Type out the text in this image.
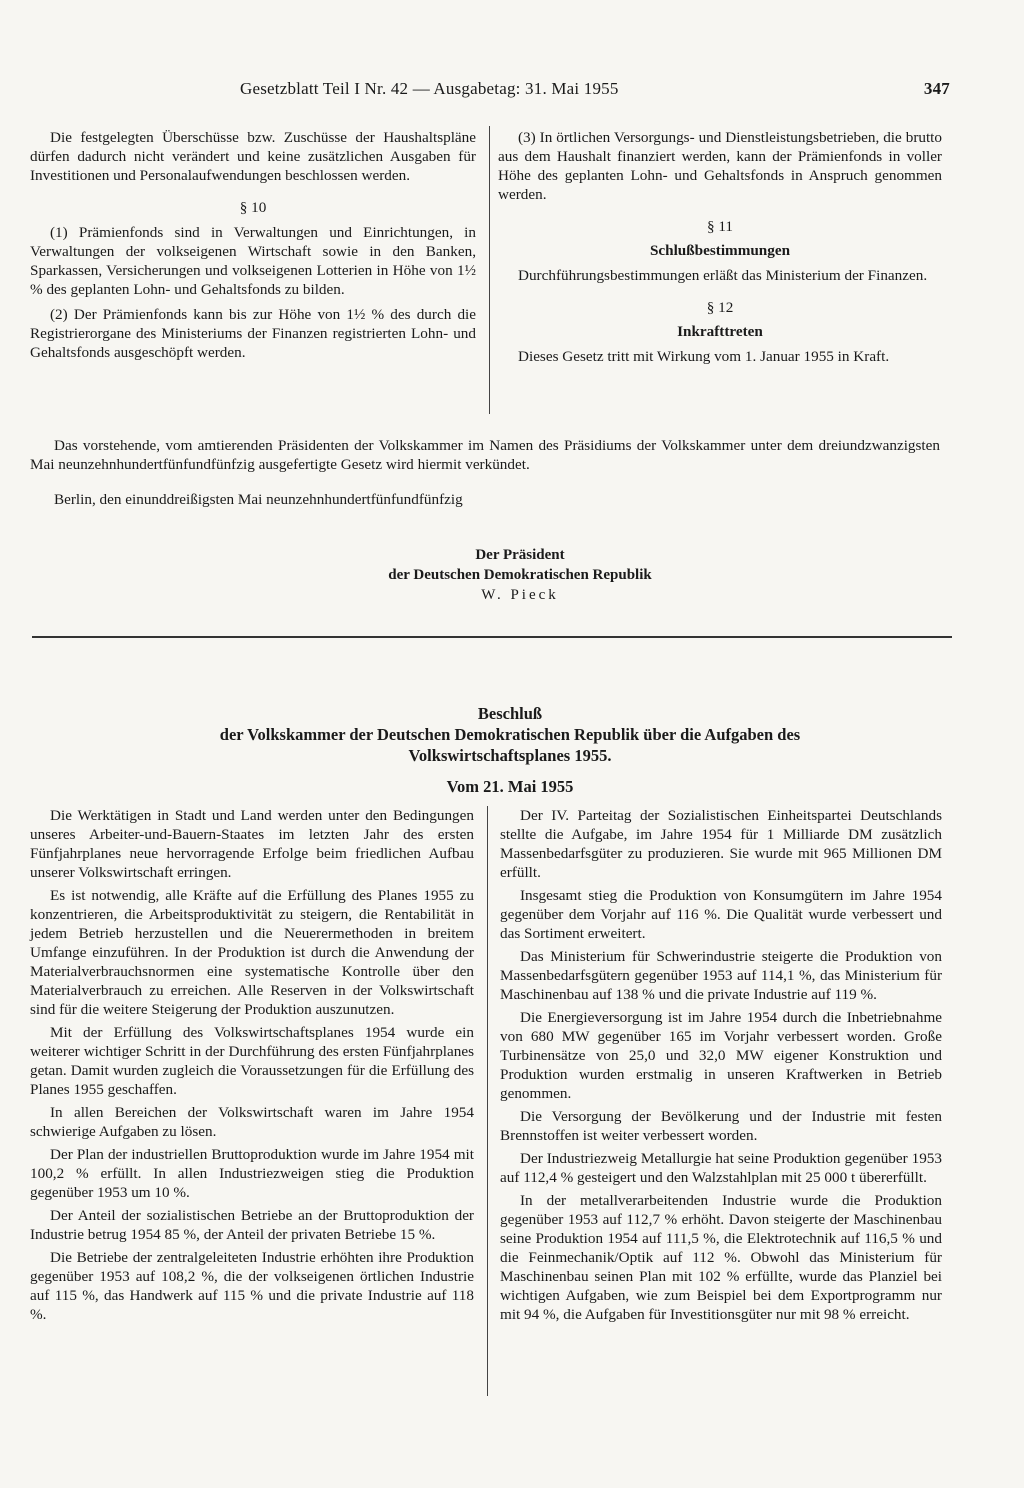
Gesetzblatt Teil I Nr. 42 — Ausgabetag: 31. Mai 1955	347

Die festgelegten Überschüsse bzw. Zuschüsse der Haushaltspläne dürfen dadurch nicht verändert und keine zusätzlichen Ausgaben für Investitionen und Personalaufwendungen beschlossen werden.

§ 10

(1) Prämienfonds sind in Verwaltungen und Einrichtungen, in Verwaltungen der volkseigenen Wirtschaft sowie in den Banken, Sparkassen, Versicherungen und volkseigenen Lotterien in Höhe von 1½ % des geplanten Lohn- und Gehaltsfonds zu bilden.

(2) Der Prämienfonds kann bis zur Höhe von 1½ % des durch die Registrierorgane des Ministeriums der Finanzen registrierten Lohn- und Gehaltsfonds ausgeschöpft werden.

(3) In örtlichen Versorgungs- und Dienstleistungsbetrieben, die brutto aus dem Haushalt finanziert werden, kann der Prämienfonds in voller Höhe des geplanten Lohn- und Gehaltsfonds in Anspruch genommen werden.

§ 11
Schlußbestimmungen

Durchführungsbestimmungen erläßt das Ministerium der Finanzen.

§ 12
Inkrafttreten

Dieses Gesetz tritt mit Wirkung vom 1. Januar 1955 in Kraft.

Das vorstehende, vom amtierenden Präsidenten der Volkskammer im Namen des Präsidiums der Volkskammer unter dem dreiundzwanzigsten Mai neunzehnhundertfünfundfünfzig ausgefertigte Gesetz wird hiermit verkündet.

Berlin, den einunddreißigsten Mai neunzehnhundertfünfundfünfzig

Der Präsident
der Deutschen Demokratischen Republik
W. Pieck
Beschluß
der Volkskammer der Deutschen Demokratischen Republik über die Aufgaben des
Volkswirtschaftsplanes 1955.
Vom 21. Mai 1955

Die Werktätigen in Stadt und Land werden unter den Bedingungen unseres Arbeiter-und-Bauern-Staates im letzten Jahr des ersten Fünfjahrplanes neue hervorragende Erfolge beim friedlichen Aufbau unserer Volkswirtschaft erringen.

Es ist notwendig, alle Kräfte auf die Erfüllung des Planes 1955 zu konzentrieren, die Arbeitsproduktivität zu steigern, die Rentabilität in jedem Betrieb herzustellen und die Neuerermethoden in breitem Umfange einzuführen. In der Produktion ist durch die Anwendung der Materialverbrauchsnormen eine systematische Kontrolle über den Materialverbrauch zu erreichen. Alle Reserven in der Volkswirtschaft sind für die weitere Steigerung der Produktion auszunutzen.

Mit der Erfüllung des Volkswirtschaftsplanes 1954 wurde ein weiterer wichtiger Schritt in der Durchführung des ersten Fünfjahrplanes getan. Damit wurden zugleich die Voraussetzungen für die Erfüllung des Planes 1955 geschaffen.

In allen Bereichen der Volkswirtschaft waren im Jahre 1954 schwierige Aufgaben zu lösen.

Der Plan der industriellen Bruttoproduktion wurde im Jahre 1954 mit 100,2 % erfüllt. In allen Industriezweigen stieg die Produktion gegenüber 1953 um 10 %.

Der Anteil der sozialistischen Betriebe an der Bruttoproduktion der Industrie betrug 1954 85 %, der Anteil der privaten Betriebe 15 %.

Die Betriebe der zentralgeleiteten Industrie erhöhten ihre Produktion gegenüber 1953 auf 108,2 %, die der volkseigenen örtlichen Industrie auf 115 %, das Handwerk auf 115 % und die private Industrie auf 118 %.

Der IV. Parteitag der Sozialistischen Einheitspartei Deutschlands stellte die Aufgabe, im Jahre 1954 für 1 Milliarde DM zusätzlich Massenbedarfsgüter zu produzieren. Sie wurde mit 965 Millionen DM erfüllt.

Insgesamt stieg die Produktion von Konsumgütern im Jahre 1954 gegenüber dem Vorjahr auf 116 %. Die Qualität wurde verbessert und das Sortiment erweitert.

Das Ministerium für Schwerindustrie steigerte die Produktion von Massenbedarfsgütern gegenüber 1953 auf 114,1 %, das Ministerium für Maschinenbau auf 138 % und die private Industrie auf 119 %.

Die Energieversorgung ist im Jahre 1954 durch die Inbetriebnahme von 680 MW gegenüber 165 im Vorjahr verbessert worden. Große Turbinensätze von 25,0 und 32,0 MW eigener Konstruktion und Produktion wurden erstmalig in unseren Kraftwerken in Betrieb genommen.

Die Versorgung der Bevölkerung und der Industrie mit festen Brennstoffen ist weiter verbessert worden.

Der Industriezweig Metallurgie hat seine Produktion gegenüber 1953 auf 112,4 % gesteigert und den Walzstahlplan mit 25 000 t übererfüllt.

In der metallverarbeitenden Industrie wurde die Produktion gegenüber 1953 auf 112,7 % erhöht. Davon steigerte der Maschinenbau seine Produktion 1954 auf 111,5 %, die Elektrotechnik auf 116,5 % und die Feinmechanik/Optik auf 112 %. Obwohl das Ministerium für Maschinenbau seinen Plan mit 102 % erfüllte, wurde das Planziel bei wichtigen Aufgaben, wie zum Beispiel bei dem Exportprogramm nur mit 94 %, die Aufgaben für Investitionsgüter nur mit 98 % erreicht.
